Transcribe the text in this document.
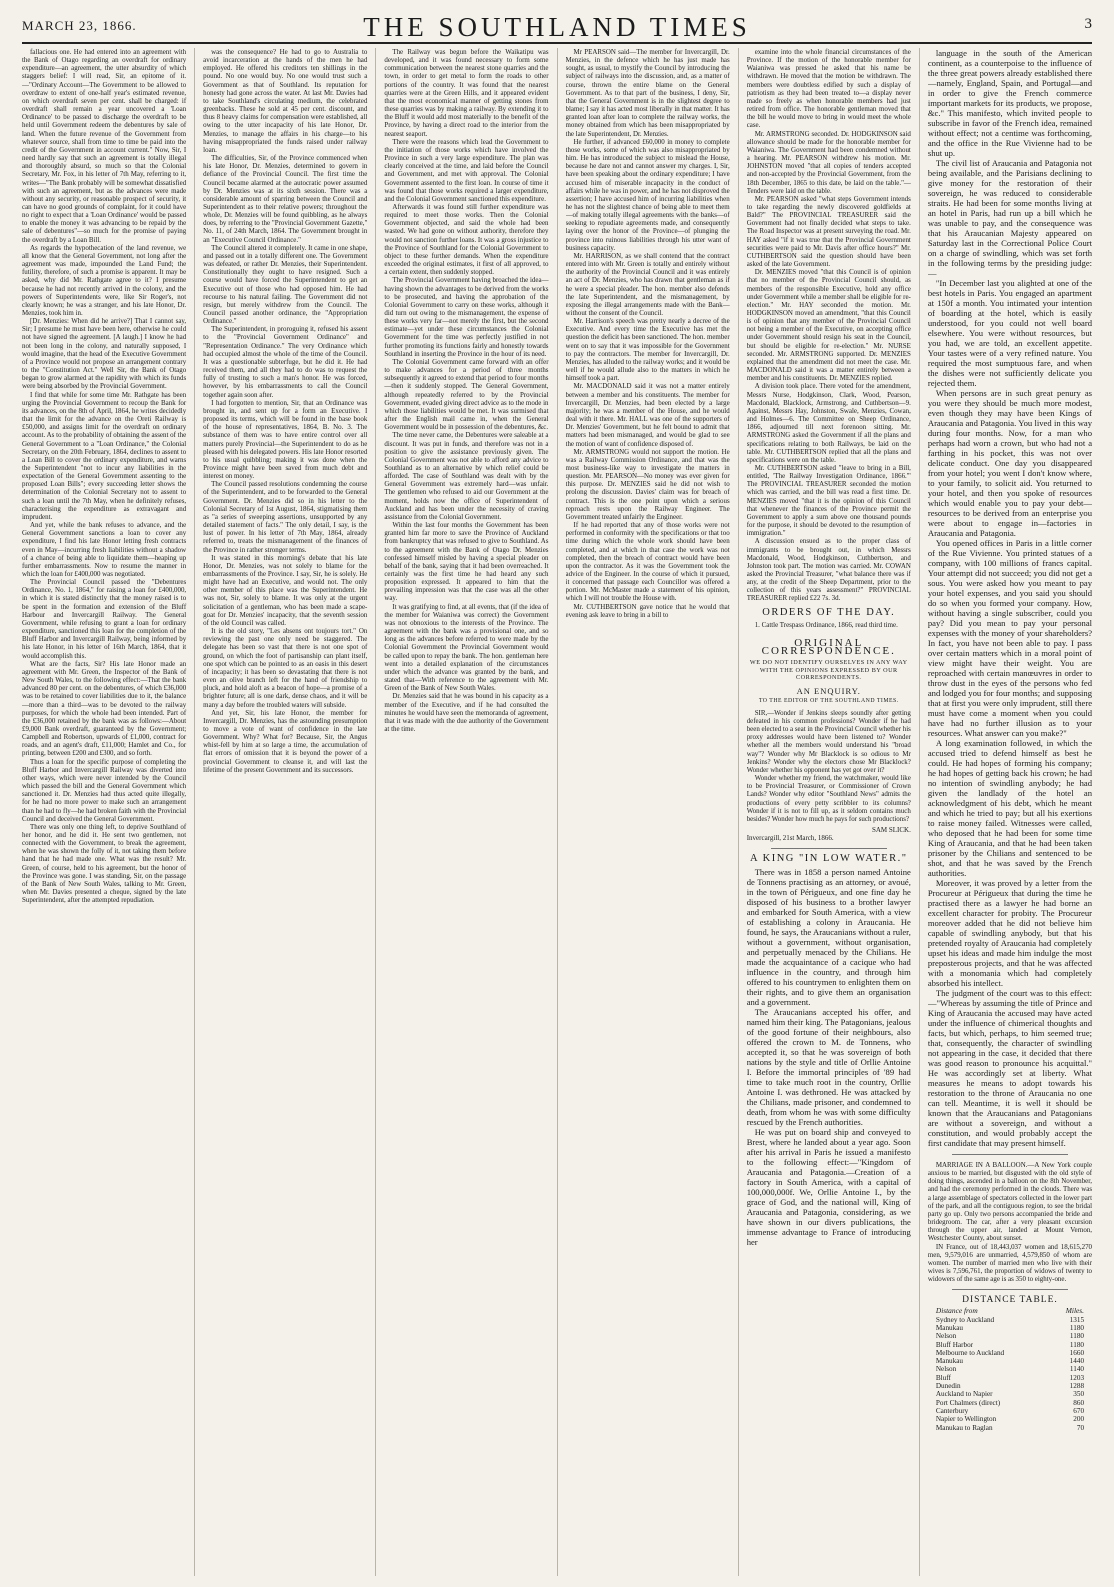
MARCH 23, 1866.	THE SOUTHLAND TIMES	3

fallacious one. He had entered into an agreement with the Bank of Otago regarding an overdraft for ordinary expenditure—an agreement, the utter absurdity of which staggers belief: I will read, Sir, an epitome of it.—"Ordinary Account—The Government to be allowed to overdraw to extent of one-half year's estimated revenue, on which overdraft seven per cent. shall be charged: if overdraft shall remain a year uncovered a 'Loan Ordinance' to be passed to discharge the overdraft to be held until Government redeem the debentures by sale of land. When the future revenue of the Government from whatever source, shall from time to time be paid into the credit of the Government in account current." Now, Sir, I need hardly say that such an agreement is totally illegal and thoroughly absurd, so much so that the Colonial Secretary, Mr. Fox, in his letter of 7th May, referring to it, writes—"The Bank probably will be somewhat dissatisfied with such an agreement, but as the advances were made without any security, or reasonable prospect of security, it can have no good grounds of complaint, for it could have no right to expect that a 'Loan Ordinance' would be passed to enable the money it was advancing to be repaid by the sale of debentures"—so much for the promise of paying the overdraft by a Loan Bill.

As regards the hypothecation of the land revenue, we all know that the General Government, not long after the agreement was made, impounded the Land Fund; the futility, therefore, of such a promise is apparent. It may be asked, why did Mr. Rathgate agree to it? I presume because he had not recently arrived in the colony, and the powers of Superintendents were, like Sir Roger's, not clearly known; he was a stranger, and his late Honor, Dr. Menzies, took him in.

[Dr. Menzies: When did he arrive?] That I cannot say, Sir; I presume he must have been here, otherwise he could not have signed the agreement. [A laugh.] I know he had not been long in the colony, and naturally supposed, I would imagine, that the head of the Executive Government of a Province would not propose an arrangement contrary to the "Constitution Act." Well Sir, the Bank of Otago began to grow alarmed at the rapidity with which its funds were being absorbed by the Provincial Government.

I find that while for some time Mr. Rathgate has been urging the Provincial Government to recoup the Bank for its advances, on the 8th of April, 1864, he writes decidedly that the limit for the advance on the Oreti Railway is £50,000, and assigns limit for the overdraft on ordinary account. As to the probability of obtaining the assent of the General Government to a "Loan Ordinance," the Colonial Secretary, on the 20th February, 1864, declines to assent to a Loan Bill to cover the ordinary expenditure, and warns the Superintendent "not to incur any liabilities in the expectation of the General Government assenting to the proposed Loan Bills"; every succeeding letter shows the determination of the Colonial Secretary not to assent to such a loan until the 7th May, when he definitely refuses, characterising the expenditure as extravagant and imprudent.

And yet, while the bank refuses to advance, and the General Government sanctions a loan to cover any expenditure, I find his late Honor letting fresh contracts even in May—incurring fresh liabilities without a shadow of a chance of being able to liquidate them—heaping up further embarrassments. Now to resume the manner in which the loan for £400,000 was negotiated.

The Provincial Council passed the "Debentures Ordinance, No. 1, 1864," for raising a loan for £400,000, in which it is stated distinctly that the money raised is to be spent in the formation and extension of the Bluff Harbour and Invercargill Railway. The General Government, while refusing to grant a loan for ordinary expenditure, sanctioned this loan for the completion of the Bluff Harbor and Invercargill Railway, being informed by his late Honor, in his letter of 16th March, 1864, that it would accomplish this.

What are the facts, Sir? His late Honor made an agreement with Mr. Green, the Inspector of the Bank of New South Wales, to the following effect:—That the bank advanced 80 per cent. on the debentures, of which £36,000 was to be retained to cover liabilities due to it, the balance—more than a third—was to be devoted to the railway purposes, for which the whole had been intended. Part of the £36,000 retained by the bank was as follows:—About £9,000 Bank overdraft, guaranteed by the Government; Campbell and Robertson, upwards of £1,000, contract for roads, and an agent's draft, £11,000; Hamlet and Co., for printing, between £200 and £300, and so forth.

Thus a loan for the specific purpose of completing the Bluff Harbor and Invercargill Railway was diverted into other ways, which were never intended by the Council which passed the bill and the General Government which sanctioned it. Dr. Menzies had thus acted quite illegally, for he had no more power to make such an arrangement than he had to fly—he had broken faith with the Provincial Council and deceived the General Government.

There was only one thing left, to deprive Southland of her honor, and he did it. He sent two gentlemen, not connected with the Government, to break the agreement, when he was shown the folly of it, not taking them before hand that he had made one. What was the result? Mr. Green, of course, held to his agreement, but the honor of the Province was gone. I was standing, Sir, on the passage of the Bank of New South Wales, talking to Mr. Green, when Mr. Davies presented a cheque, signed by the late Superintendent, after the attempted repudiation.

was the consequence? He had to go to Australia to avoid incarceration at the hands of the men he had employed. He offered his creditors ten shillings in the pound. No one would buy. No one would trust such a Government as that of Southland. Its reputation for honesty had gone across the water. At last Mr. Davies had to take Southland's circulating medium, the celebrated greenbacks. These he sold at 45 per cent. discount, and thus 8 heavy claims for compensation were established, all owing to the utter incapacity of his late Honor, Dr. Menzies, to manage the affairs in his charge—to his having misappropriated the funds raised under railway loan.

The difficulties, Sir, of the Province commenced when his late Honor, Dr. Menzies, determined to govern in defiance of the Provincial Council. The first time the Council became alarmed at the autocratic power assumed by Dr. Menzies was at its sixth session. There was a considerable amount of sparring between the Council and Superintendent as to their relative powers; throughout the whole, Dr. Menzies will be found quibbling, as he always does, by referring to the "Provincial Government Gazette," No. 11, of 24th March, 1864. The Government brought in an "Executive Council Ordinance."

The Council altered it completely. It came in one shape, and passed out in a totally different one. The Government was defeated, or rather Dr. Menzies, their Superintendent. Constitutionally they ought to have resigned. Such a course would have forced the Superintendent to get an Executive out of those who had opposed him. He had recourse to his natural failing. The Government did not resign, but merely withdrew from the Council. The Council passed another ordinance, the "Appropriation Ordinance."

The Superintendent, in proroguing it, refused his assent to the "Provincial Government Ordinance" and "Representation Ordinance." The very Ordinance which had occupied almost the whole of the time of the Council. It was a questionable subterfuge, but he did it. He had received them, and all they had to do was to request the fully of trusting to such a man's honor. He was forced, however, by his embarrassments to call the Council together again soon after.

I had forgotten to mention, Sir, that an Ordinance was brought in, and sent up for a form an Executive. I proposed its terms, which will be found in the base book of the house of representatives, 1864, B. No. 3. The substance of them was to have entire control over all matters purely Provincial—the Superintendent to do as he pleased with his delegated powers. His late Honor resorted to his usual quibbling; making it was done when the Province might have been saved from much debt and interest on money.

The Council passed resolutions condemning the course of the Superintendent, and to be forwarded to the General Government. Dr. Menzies did so in his letter to the Colonial Secretary of 1st August, 1864, stigmatising them as "a series of sweeping assertions, unsupported by any detailed statement of facts." The only detail, I say, is the lust of power. In his letter of 7th May, 1864, already referred to, treats the mismanagement of the finances of the Province in rather stronger terms.

It was stated in this morning's debate that his late Honor, Dr. Menzies, was not solely to blame for the embarrassments of the Province. I say, Sir, he is solely. He might have had an Executive, and would not. The only other member of this place was the Superintendent. He was not, Sir, solely to blame. It was only at the urgent solicitation of a gentleman, who has been made a scape-goat for Dr. Menzies' incapacity, that the seventh session of the old Council was called.

It is the old story, "Les absens ont toujours tort." On reviewing the past one only need be staggered. The delegate has been so vast that there is not one spot of ground, on which the foot of partisanship can plant itself, one spot which can be pointed to as an oasis in this desert of incapacity; it has been so devastating that there is not even an olive branch left for the hand of friendship to pluck, and hold aloft as a beacon of hope—a promise of a brighter future; all is one dark, dense chaos, and it will be many a day before the troubled waters will subside.

And yet, Sir, his late Honor, the member for Invercargill, Dr. Menzies, has the astounding presumption to move a vote of want of confidence in the late Government. Why? What for? Because, Sir, the Angus whist-fell by him at so large a time, the accumulation of flat errors of omission that it is beyond the power of a provincial Government to cleanse it, and will last the lifetime of the present Government and its successors.

The Railway was begun before the Waikatipu was developed, and it was found necessary to form some communication between the nearest stone quarries and the town, in order to get metal to form the roads to other portions of the country. It was found that the nearest quarries were at the Green Hills, and it appeared evident that the most economical manner of getting stones from these quarries was by making a railway. By extending it to the Bluff it would add most materially to the benefit of the Province, by having a direct road to the interior from the nearest seaport.

There were the reasons which lead the Government to the initiation of those works which have involved the Province in such a very large expenditure. The plan was clearly conceived at the time, and laid before the Council and Government, and met with approval. The Colonial Government assented to the first loan. In course of time it was found that those works required a larger expenditure, and the Colonial Government sanctioned this expenditure.

Afterwards it was found still further expenditure was required to meet those works. Then the Colonial Government objected, and said the whole had been wasted. We had gone on without authority, therefore they would not sanction further loans. It was a gross injustice to the Province of Southland for the Colonial Government to object to these further demands. When the expenditure exceeded the original estimates, it first of all approved, to a certain extent, then suddenly stopped.

The Provincial Government having broached the idea—having shown the advantages to be derived from the works to be prosecuted, and having the approbation of the Colonial Government to carry on these works, although it did turn out owing to the mismanagement, the expense of these works very far—not merely the first, but the second estimate—yet under these circumstances the Colonial Government for the time was perfectly justified in not further promoting its functions fairly and honestly towards Southland in inserting the Province in the hour of its need.

The Colonial Government came forward with an offer to make advances for a period of three months subsequently it agreed to extend that period to four months—then it suddenly stopped. The General Government, although repeatedly referred to by the Provincial Government, evaded giving direct advice as to the mode in which those liabilities would be met. It was surmised that after the English mail came in, when the General Government would be in possession of the debentures, &c.

The time never came, the Debentures were saleable at a discount. It was put in funds, and therefore was not in a position to give the assistance previously given. The Colonial Government was not able to afford any advice to Southland as to an alternative by which relief could be afforded. The case of Southland was dealt with by the General Government was extremely hard—was unfair. The gentlemen who refused to aid our Government at the moment, holds now the office of Superintendent of Auckland and has been under the necessity of craving assistance from the Colonial Government.

Within the last four months the Government has been granted him far more to save the Province of Auckland from bankruptcy that was refused to give to Southland. As to the agreement with the Bank of Otago Dr. Menzies confessed himself misled by having a special pleader on behalf of the bank, saying that it had been overreached. It certainly was the first time he had heard any such proposition expressed. It appeared to him that the prevailing impression was that the case was all the other way.

It was gratifying to find, at all events, that (if the idea of the member for Waianiwa was correct) the Government was not obnoxious to the interests of the Province. The agreement with the bank was a provisional one, and so long as the advances before referred to were made by the Colonial Government the Provincial Government would be called upon to repay the bank. The hon. gentleman here went into a detailed explanation of the circumstances under which the advance was granted by the bank, and stated that—With reference to the agreement with Mr. Green of the Bank of New South Wales.

Dr. Menzies said that he was bound in his capacity as a member of the Executive, and if he had consulted the minutes he would have seen the memoranda of agreement, that it was made with the due authority of the Government at the time.

Mr PEARSON said—The member for Invercargill, Dr. Menzies, in the defence which he has just made has sought, as usual, to mystify the Council by introducing the subject of railways into the discussion, and, as a matter of course, thrown the entire blame on the General Government. As to that part of the business, I deny, Sir, that the General Government is in the slightest degree to blame; I say it has acted most liberally in that matter. It has granted loan after loan to complete the railway works, the money obtained from which has been misappropriated by the late Superintendent, Dr. Menzies.

He further, if advanced £60,000 in money to complete those works, some of which was also misappropriated by him. He has introduced the subject to mislead the House, because he dare not and cannot answer my charges. I, Sir, have been speaking about the ordinary expenditure; I have accused him of miserable incapacity in the conduct of affairs while he was in power, and he has not disproved the assertion; I have accused him of incurring liabilities when he has not the slightest chance of being able to meet them—of making totally illegal agreements with the banks—of seeking to repudiate agreements made, and consequently laying over the honor of the Province—of plunging the province into ruinous liabilities through his utter want of business capacity.

Mr. HARRISON, as we shall contend that the contract entered into with Mr. Green is totally and entirely without the authority of the Provincial Council and it was entirely an act of Dr. Menzies, who has drawn that gentleman as if he were a special pleader. The hon. member also defends the late Superintendent, and the mismanagement, by exposing the illegal arrangements made with the Bank—without the consent of the Council.

Mr. Harrison's speech was pretty nearly a decree of the Executive. And every time the Executive has met the question the deficit has been sanctioned. The hon. member went on to say that it was impossible for the Government to pay the contractors. The member for Invercargill, Dr. Menzies, has alluded to the railway works; and it would be well if he would allude also to the matters in which he himself took a part.

Mr. MACDONALD said it was not a matter entirely between a member and his constituents. The member for Invercargill, Dr. Menzies, had been elected by a large majority; he was a member of the House, and he would deal with it there. Mr. HALL was one of the supporters of Dr. Menzies' Government, but he felt bound to admit that matters had been mismanaged, and would be glad to see the motion of want of confidence disposed of.

Mr. ARMSTRONG would not support the motion. He was a Railway Commission Ordinance, and that was the most business-like way to investigate the matters in question. Mr. PEARSON—No money was ever given for this purpose. Dr. MENZIES said he did not wish to prolong the discussion. Davies' claim was for breach of contract. This is the one point upon which a serious reproach rests upon the Railway Engineer. The Government treated unfairly the Engineer.

If he had reported that any of those works were not performed in conformity with the specifications or that too time during which the whole work should have been completed, and at which in that case the work was not completed, then the breach of contract would have been upon the contractor. As it was the Government took the advice of the Engineer. In the course of which it pursued, it concerned that passage each Councillor was offered a portion. Mr. McMaster made a statement of his opinion, which I will not trouble the House with.

Mr. CUTHBERTSON gave notice that he would that evening ask leave to bring in a bill to

examine into the whole financial circumstances of the Province. If the motion of the honorable member for Waianiwa was pressed he asked that his name be withdrawn. He moved that the motion be withdrawn. The members were doubtless edified by such a display of patriotism as they had been treated to—a display never made so freely as when honorable members had just retired from office. The honorable gentleman moved that the bill he would move to bring in would meet the whole case.

Mr. ARMSTRONG seconded. Dr. HODGKINSON said allowance should be made for the honorable member for Waianiwa. The Government had been condemned without a hearing. Mr. PEARSON withdrew his motion. Mr. JOHNSTON moved "that all copies of tenders accepted and non-accepted by the Provincial Government, from the 18th December, 1865 to this date, be laid on the table."—Tenders were laid on the table.

Mr. PEARSON asked "what steps Government intends to take regarding the newly discovered goldfields at Bald?" The PROVINCIAL TREASURER said the Government had not finally decided what steps to take. The Road Inspector was at present surveying the road. Mr. HAY asked "if it was true that the Provincial Government securities were paid to Mr. Davis after office hours?" Mr. CUTHBERTSON said the question should have been asked of the late Government.

Dr. MENZIES moved "that this Council is of opinion that no member of the Provincial Council should, as members of the responsible Executive, hold any office under Government while a member shall be eligible for re-election." Mr. HAY seconded the motion. Mr. HODGKINSON moved an amendment, "that this Council is of opinion that any member of the Provincial Council not being a member of the Executive, on accepting office under Government should resign his seat in the Council, but should be eligible for re-election." Mr. NURSE seconded. Mr. ARMSTRONG supported. Dr. MENZIES explained that the amendment did not meet the case. Mr. MACDONALD said it was a matter entirely between a member and his constituents. Dr. MENZIES replied.

A division took place. There voted for the amendment, Messrs Nurse, Hodgkinson, Clark, Wood, Pearson, Macdonald, Blacklock, Armstrong, and Cuthbertson—9. Against, Messrs Hay, Johnston, Swale, Menzies, Cowan, and Holmes—6. The Committee on Sheep Ordinance, 1866, adjourned till next forenoon sitting. Mr. ARMSTRONG asked the Government if all the plans and specifications relating to both Railways, be laid on the table. Mr. CUTHBERTSON replied that all the plans and specifications were on the table.

Mr. CUTHBERTSON asked "leave to bring in a Bill, entitled, 'The Railway Investigation Ordinance, 1866.'" The PROVINCIAL TREASURER seconded the motion which was carried, and the bill was read a first time. Dr. MENZIES moved "that it is the opinion of this Council that whenever the finances of the Province permit the Government to apply a sum above one thousand pounds for the purpose, it should be devoted to the resumption of immigration."

A discussion ensued as to the proper class of immigrants to be brought out, in which Messrs Macdonald, Wood, Hodgkinson, Cuthbertson, and Johnston took part. The motion was carried. Mr. COWAN asked the Provincial Treasurer, "what balance there was if any, at the credit of the Sheep Department, prior to the collection of this years assessment?" PROVINCIAL TREASURER replied £22 7s. 3d.

ORDERS OF THE DAY.

1. Cattle Trespass Ordinance, 1866, read third time.

ORIGINAL CORRESPONDENCE.
WE DO NOT IDENTIFY OURSELVES IN ANY WAY WITH THE OPINIONS EXPRESSED BY OUR CORRESPONDENTS.
AN ENQUIRY.
TO THE EDITOR OF THE SOUTHLAND TIMES.

SIR,—Wonder if Jenkins sleeps soundly after getting defeated in his common professions? Wonder if he had been elected to a seat in the Provincial Council whether his proxy addresses would have been listened to? Wonder whether all the members would understand his "broad way"? Wonder why Mr Blacklock is so odious to Mr Jenkins? Wonder why the electors chose Mr Blacklock? Wonder whether his opponent has yet got over it?

Wonder whether my friend, the watchmaker, would like to be Provincial Treasurer, or Commissioner of Crown Lands? Wonder why editor "Southland News" admits the productions of every petty scribbler to its columns? Wonder if it is not to fill up, as it seldom contains much besides? Wonder how much he pays for such productions?

SAM SLICK.
Invercargill, 21st March, 1866.
A KING "IN LOW WATER."

There was in 1858 a person named Antoine de Tonnens practising as an attorney, or avoué, in the town of Périgueux, and one fine day he disposed of his business to a brother lawyer and embarked for South America, with a view of establishing a colony in Araucania. He found, he says, the Araucanians without a ruler, without a government, without organisation, and perpetually menaced by the Chilians. He made the acquaintance of a cacique who had influence in the country, and through him offered to his countrymen to enlighten them on their rights, and to give them an organisation and a government.

The Araucanians accepted his offer, and named him their king. The Patagonians, jealous of the good fortune of their neighbours, also offered the crown to M. de Tonnens, who accepted it, so that he was sovereign of both nations by the style and title of Orllie Antoine I. Before the immortal principles of '89 had time to take much root in the country, Orllie Antoine I. was dethroned. He was attacked by the Chilians, made prisoner, and condemned to death, from whom he was with some difficulty rescued by the French authorities.

He was put on board ship and conveyed to Brest, where he landed about a year ago. Soon after his arrival in Paris he issued a manifesto to the following effect:—"Kingdom of Araucania and Patagonia.—Creation of a factory in South America, with a capital of 100,000,000f. We, Orllie Antoine I., by the grace of God, and the national will, King of Araucania and Patagonia, considering, as we have shown in our divers publications, the immense advantage to France of introducing her

language in the south of the American continent, as a counterpoise to the influence of the three great powers already established there—namely, England, Spain, and Portugal—and in order to give the French commerce important markets for its products, we propose, &c." This manifesto, which invited people to subscribe in favor of the French idea, remained without effect; not a centime was forthcoming, and the office in the Rue Vivienne had to be shut up.

The civil list of Araucania and Patagonia not being available, and the Parisians declining to give money for the restoration of their sovereign, he was reduced to considerable straits. He had been for some months living at an hotel in Paris, had run up a bill which he was unable to pay, and the consequence was that his Araucanian Majesty appeared on Saturday last in the Correctional Police Court on a charge of swindling, which was set forth in the following terms by the presiding judge:—

"In December last you alighted at one of the best hotels in Paris. You engaged an apartment at 150f a month. You intimated your intention of boarding at the hotel, which is easily understood, for you could not well board elsewhere. You were without resources, but you had, we are told, an excellent appetite. Your tastes were of a very refined nature. You required the most sumptuous fare, and when the dishes were not sufficiently delicate you rejected them.

When persons are in such great penury as you were they should be much more modest, even though they may have been Kings of Araucania and Patagonia. You lived in this way during four months. Now, for a man who perhaps had worn a crown, but who had not a farthing in his pocket, this was not over delicate conduct. One day you disappeared from your hotel; you went I don't know where, to your family, to solicit aid. You returned to your hotel, and then you spoke of resources which would enable you to pay your debt—resources to be derived from an enterprise you were about to engage in—factories in Araucania and Patagonia.

You opened offices in Paris in a little corner of the Rue Vivienne. You printed statues of a company, with 100 millions of francs capital. Your attempt did not succeed; you did not get a sous. You were asked how you meant to pay your hotel expenses, and you said you should do so when you formed your company. How, without having a single subscriber, could you pay? Did you mean to pay your personal expenses with the money of your shareholders? In fact, you have not been able to pay. I pass over certain matters which in a moral point of view might have their weight. You are reproached with certain manœuvres in order to throw dust in the eyes of the persons who fed and lodged you for four months; and supposing that at first you were only imprudent, still there must have come a moment when you could have had no further illusion as to your resources. What answer can you make?"

A long examination followed, in which the accused tried to defend himself as best he could. He had hopes of forming his company; he had hopes of getting back his crown; he had no intention of swindling anybody; he had given the landlady of the hotel an acknowledgment of his debt, which he meant and which he tried to pay; but all his exertions to raise money failed. Witnesses were called, who deposed that he had been for some time King of Araucania, and that he had been taken prisoner by the Chilians and sentenced to be shot, and that he was saved by the French authorities.

Moreover, it was proved by a letter from the Procureur at Périgueux that during the time he practised there as a lawyer he had borne an excellent character for probity. The Procureur moreover added that he did not believe him capable of swindling anybody, but that his pretended royalty of Araucania had completely upset his ideas and made him indulge the most preposterous projects, and that he was affected with a monomania which had completely absorbed his intellect.

The judgment of the court was to this effect:—"Whereas by assuming the title of Prince and King of Araucania the accused may have acted under the influence of chimerical thoughts and facts, but which, perhaps, to him seemed true; that, consequently, the character of swindling not appearing in the case, it decided that there was good reason to pronounce his acquittal." He was accordingly set at liberty. What measures he means to adopt towards his restoration to the throne of Araucania no one can tell. Meantime, it is well it should be known that the Araucanians and Patagonians are without a sovereign, and without a constitution, and would probably accept the first candidate that may present himself.

MARRIAGE IN A BALLOON.—A New York couple anxious to be married, but disgusted with the old style of doing things, ascended in a balloon on the 8th November, and had the ceremony performed in the clouds. There was a large assemblage of spectators collected in the lower part of the park, and all the contiguous region, to see the bridal party go up. Only two persons accompanied the bride and bridegroom. The car, after a very pleasant excursion through the upper air, landed at Mount Vernon, Westchester County, about sunset.

IN France, out of 18,443,037 women and 18,615,270 men, 9,579,016 are unmarried, 4,579,850 of whom are women. The number of married men who live with their wives is 7,596,761, the proportion of widows of twenty to widowers of the same age is as 350 to eighty-one.

DISTANCE TABLE.
Distance from	Miles.
Sydney to Auckland	1315
Manukau	1180
Nelson	1180
Bluff Harbor	1180
Melbourne to Auckland	1660
Manukau	1440
Nelson	1140
Bluff	1203
Dunedin	1288
Auckland to Napier	350
Port Chalmers (direct)	860
Canterbury	670
Napier to Wellington	200
Manukau to Raglan	70
